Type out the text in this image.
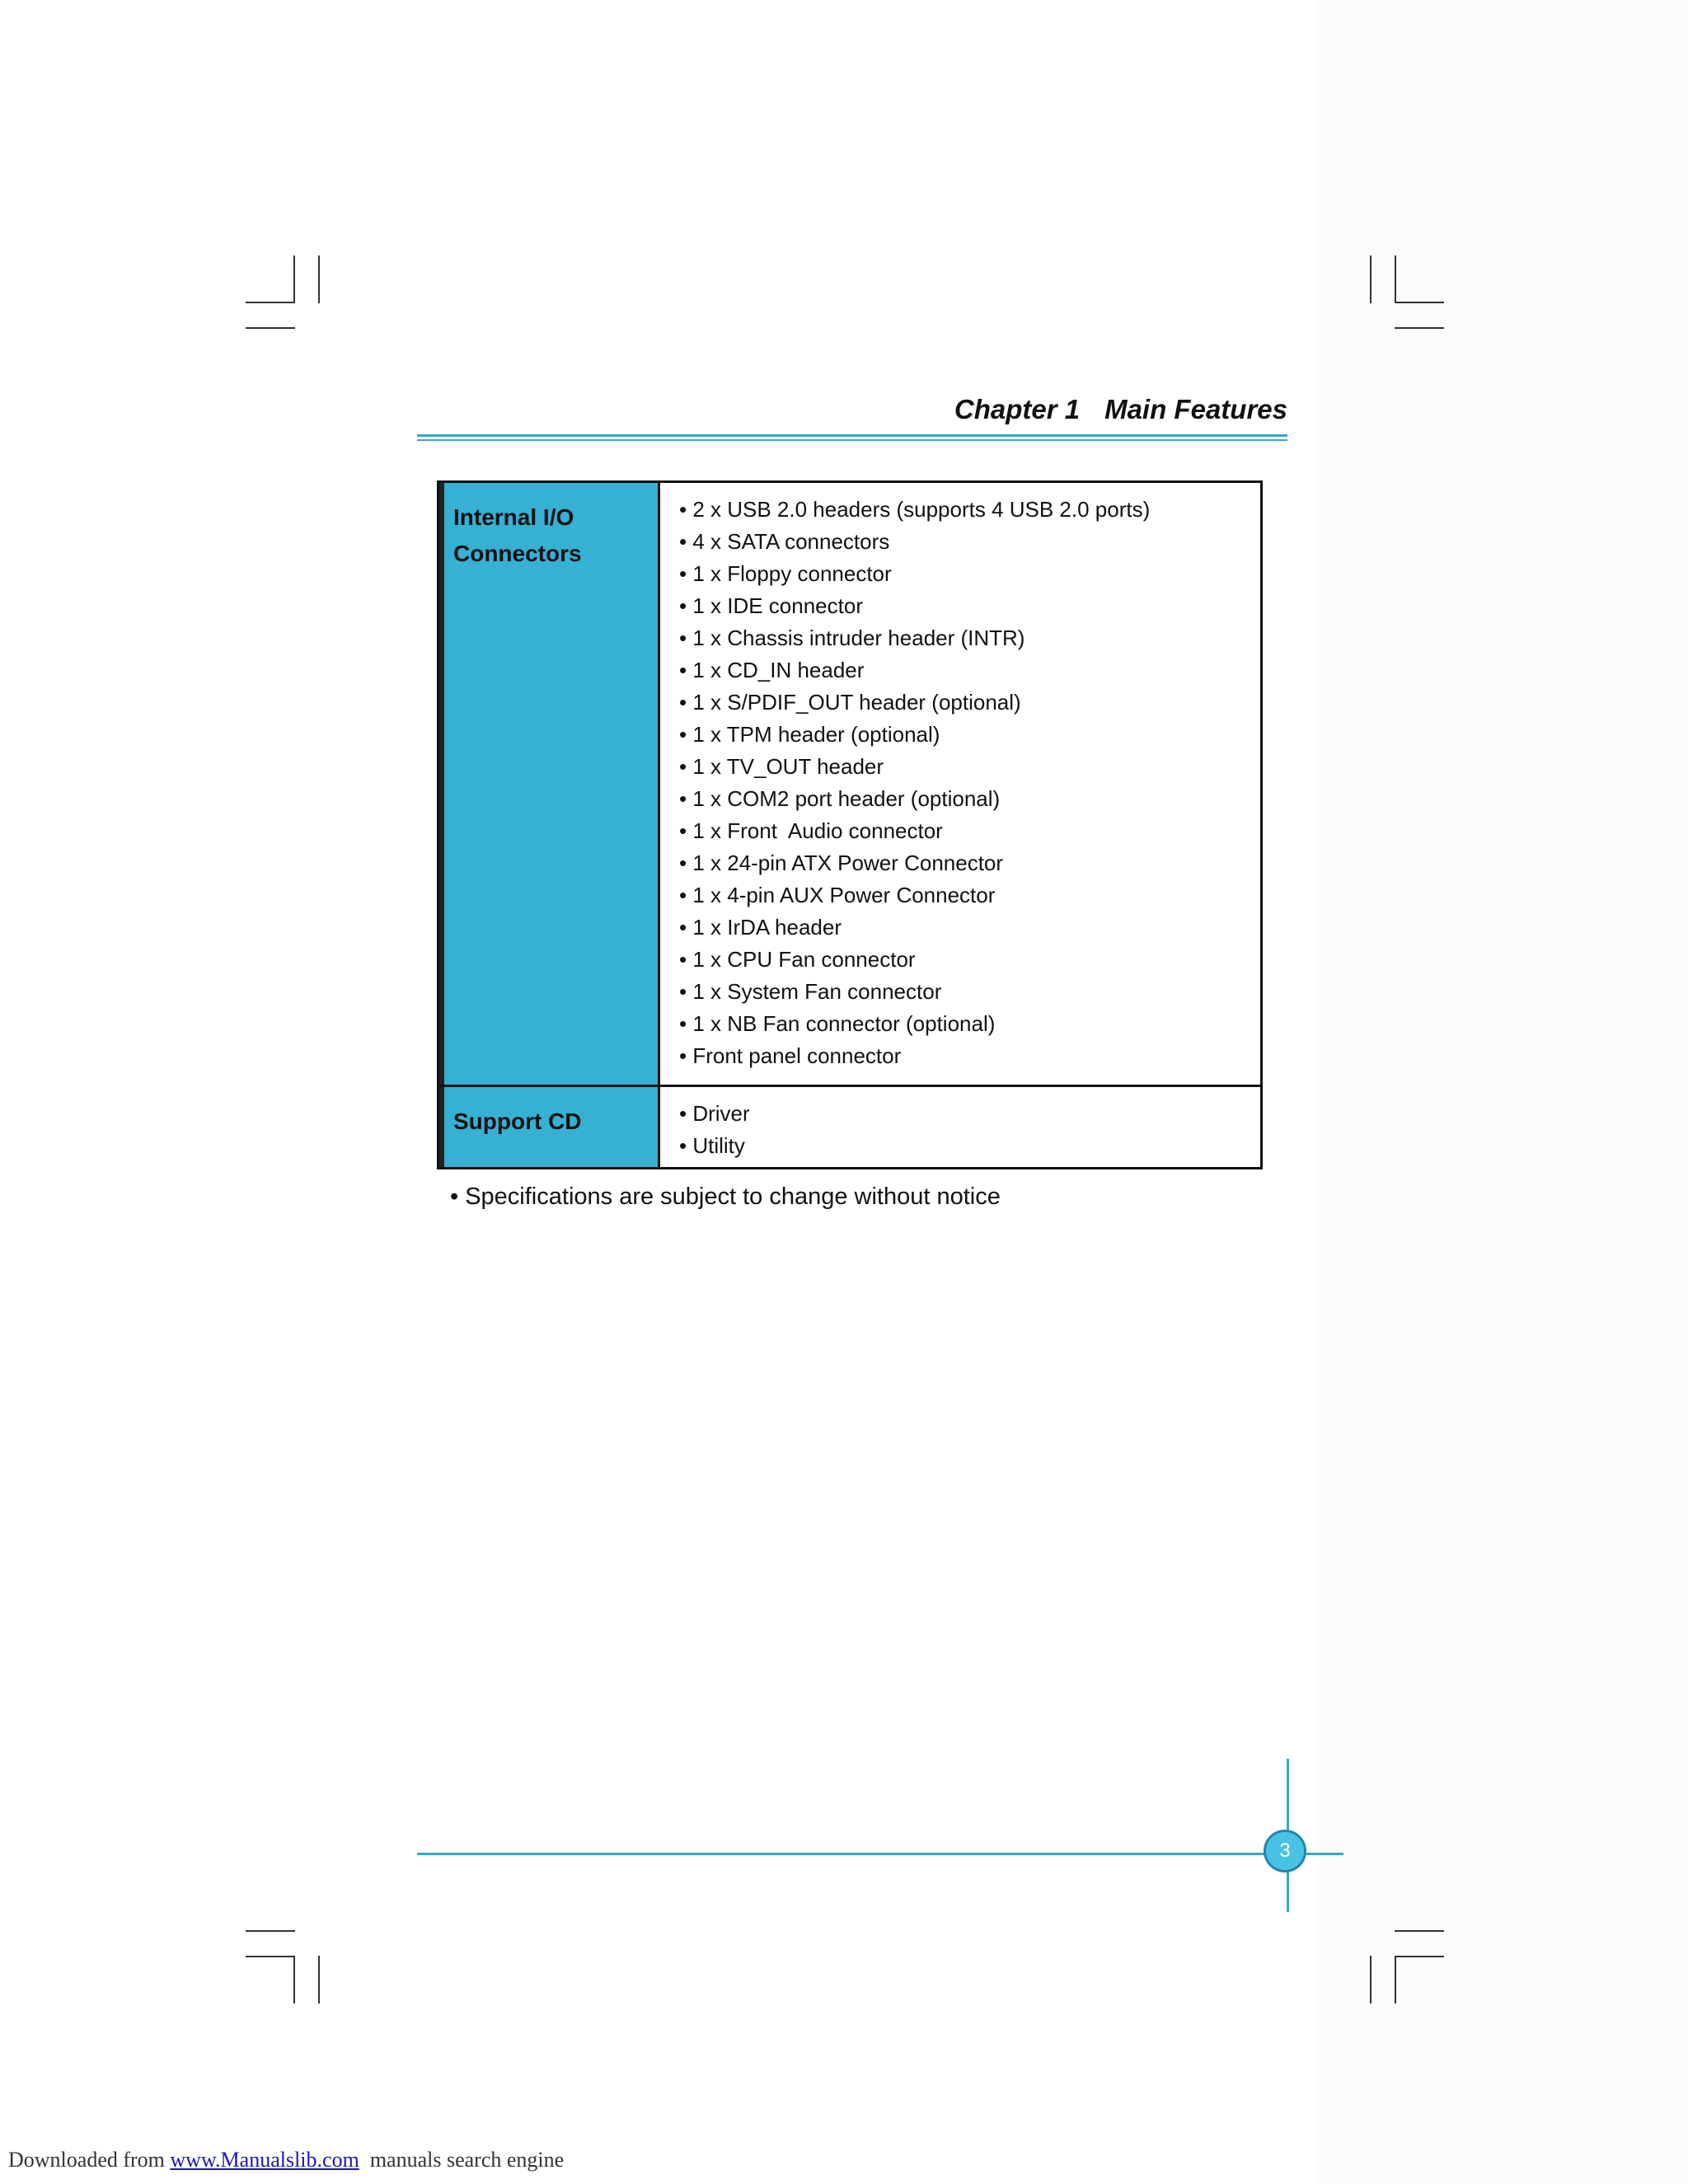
Chapter 1 Main Features
Internal I/O
Connectors
• 2 x USB 2.0 headers (supports 4 USB 2.0 ports)
• 4 x SATA connectors
• 1 x Floppy connector
• 1 x IDE connector
• 1 x Chassis intruder header (INTR)
• 1 x CD_IN header
• 1 x S/PDIF_OUT header (optional)
• 1 x TPM header (optional)
• 1 x TV_OUT header
• 1 x COM2 port header (optional)
• 1 x Front  Audio connector
• 1 x 24-pin ATX Power Connector
• 1 x 4-pin AUX Power Connector
• 1 x IrDA header
• 1 x CPU Fan connector
• 1 x System Fan connector
• 1 x NB Fan connector (optional)
• Front panel connector
Support CD	• Driver
• Utility
• Specifications are subject to change without notice
3
Downloaded from www.Manualslib.com  manuals search engine
